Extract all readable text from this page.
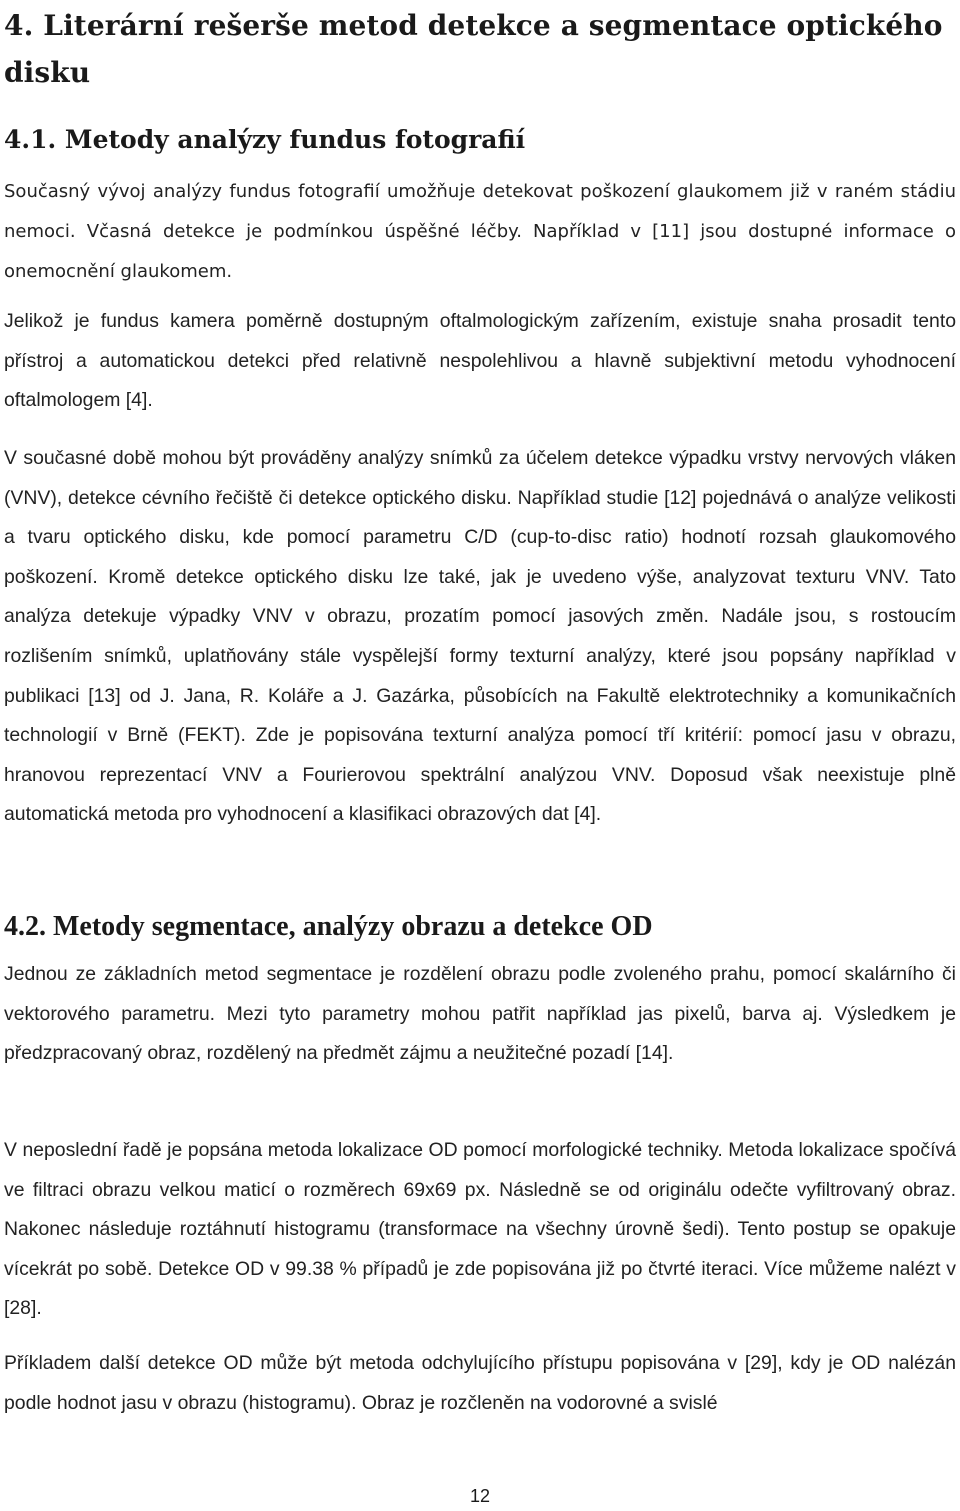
4. Literární rešerše metod detekce a segmentace optického disku
4.1. Metody analýzy fundus fotografií

Současný vývoj analýzy fundus fotografií umožňuje detekovat poškození glaukomem již v raném stádiu nemoci. Včasná detekce je podmínkou úspěšné léčby. Například v [11] jsou dostupné informace o onemocnění glaukomem.

Jelikož je fundus kamera poměrně dostupným oftalmologickým zařízením, existuje snaha prosadit tento přístroj a automatickou detekci před relativně nespolehlivou a hlavně subjektivní metodu vyhodnocení oftalmologem [4].

V současné době mohou být prováděny analýzy snímků za účelem detekce výpadku vrstvy nervových vláken (VNV), detekce cévního řečiště či detekce optického disku. Například studie [12] pojednává o analýze velikosti a tvaru optického disku, kde pomocí parametru C/D (cup-to-disc ratio) hodnotí rozsah glaukomového poškození. Kromě detekce optického disku lze také, jak je uvedeno výše, analyzovat texturu VNV. Tato analýza detekuje výpadky VNV v obrazu, prozatím pomocí jasových změn. Nadále jsou, s rostoucím rozlišením snímků, uplatňovány stále vyspělejší formy texturní analýzy, které jsou popsány například v publikaci [13] od J. Jana, R. Koláře a J. Gazárka, působících na Fakultě elektrotechniky a komunikačních technologií v Brně (FEKT). Zde je popisována texturní analýza pomocí tří kritérií: pomocí jasu v obrazu, hranovou reprezentací VNV a Fourierovou spektrální analýzou VNV. Doposud však neexistuje plně automatická metoda pro vyhodnocení a klasifikaci obrazových dat [4].

4.2. Metody segmentace, analýzy obrazu a detekce OD

Jednou ze základních metod segmentace je rozdělení obrazu podle zvoleného prahu, pomocí skalárního či vektorového parametru. Mezi tyto parametry mohou patřit například jas pixelů, barva aj. Výsledkem je předzpracovaný obraz, rozdělený na předmět zájmu a neužitečné pozadí [14].

V neposlední řadě je popsána metoda lokalizace OD pomocí morfologické techniky. Metoda lokalizace spočívá ve filtraci obrazu velkou maticí o rozměrech 69x69 px. Následně se od originálu odečte vyfiltrovaný obraz. Nakonec následuje roztáhnutí histogramu (transformace na všechny úrovně šedi). Tento postup se opakuje vícekrát po sobě. Detekce OD v 99.38 % případů je zde popisována již po čtvrté iteraci. Více můžeme nalézt v [28].

Příkladem další detekce OD může být metoda odchylujícího přístupu popisována v [29], kdy je OD nalézán podle hodnot jasu v obrazu (histogramu). Obraz je rozčleněn na vodorovné a svislé

12
